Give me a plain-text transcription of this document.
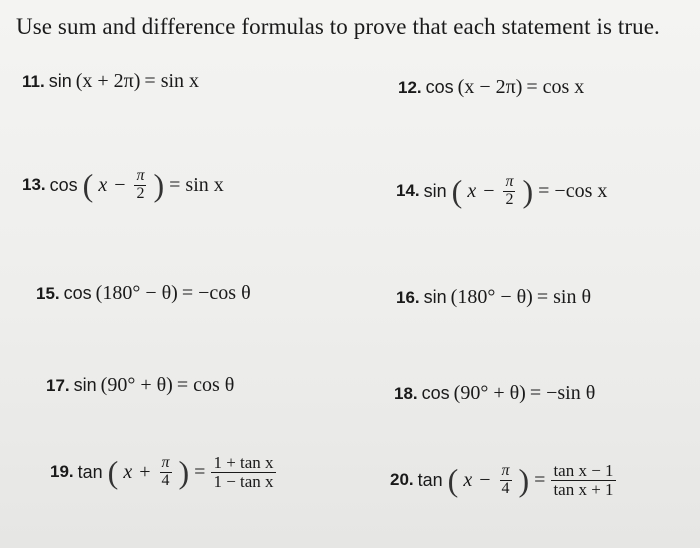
Use sum and difference formulas to prove that each statement is true.
11. sin (x + 2π) = sin x	12. cos (x − 2π) = cos x
13. cos ( $x - \frac{\pi}{2}$ ) = sin x	14. sin ( $x - \frac{\pi}{2}$ ) = −cos x
15. cos (180° − θ) = −cos θ	16. sin (180° − θ) = sin θ
17. sin (90° + θ) = cos θ	18. cos (90° + θ) = −sin θ
19. tan ( $x + \frac{\pi}{4}$ ) = $\frac{\text{1 + tan x}}{\text{1 − tan x}}$	20. tan ( $x - \frac{\pi}{4}$ ) = $\frac{\text{tan x − 1}}{\text{tan x + 1}}$
